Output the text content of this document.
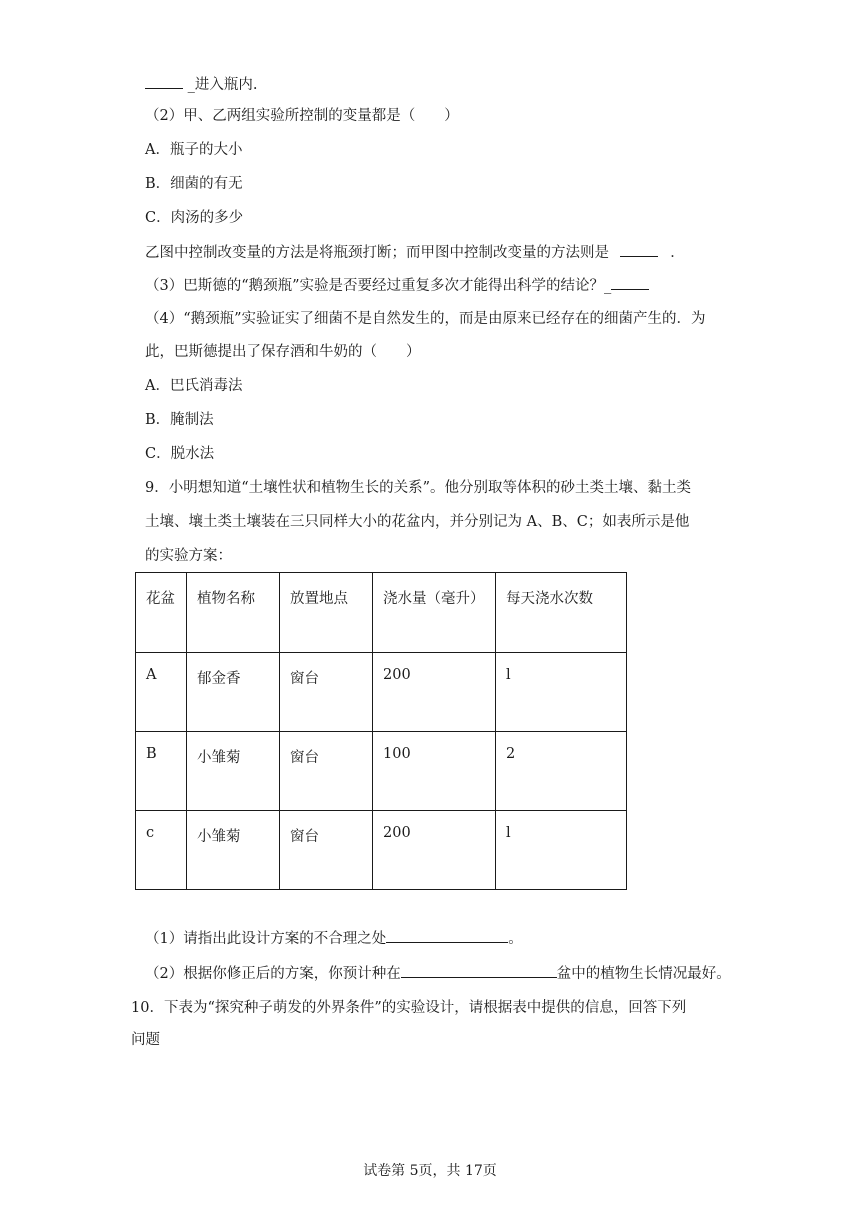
_进入瓶内.
（2）甲、乙两组实验所控制的变量都是（　　）
A．瓶子的大小
B．细菌的有无
C．肉汤的多少
乙图中控制改变量的方法是将瓶颈打断；而甲图中控制改变量的方法则是	．
（3）巴斯德的“鹅颈瓶”实验是否要经过重复多次才能得出科学的结论？_
（4）“鹅颈瓶”实验证实了细菌不是自然发生的，而是由原来已经存在的细菌产生的．为
此，巴斯德提出了保存酒和牛奶的（　　）
A．巴氏消毒法
B．腌制法
C．脱水法
9．小明想知道“土壤性状和植物生长的关系”。他分别取等体积的砂土类土壤、黏土类
土壤、壤土类土壤装在三只同样大小的花盆内，并分别记为 A、B、C；如表所示是他
的实验方案：
花盆	植物名称	放置地点	浇水量（毫升）	每天浇水次数
A	郁金香	窗台	200	l
B	小雏菊	窗台	100	2
c	小雏菊	窗台	200	l
（1）请指出此设计方案的不合理之处	。
（2）根据你修正后的方案，你预计种在	盆中的植物生长情况最好。
10．下表为“探究种子萌发的外界条件”的实验设计，请根据表中提供的信息，回答下列
问题
试卷第 5页，共 17页
